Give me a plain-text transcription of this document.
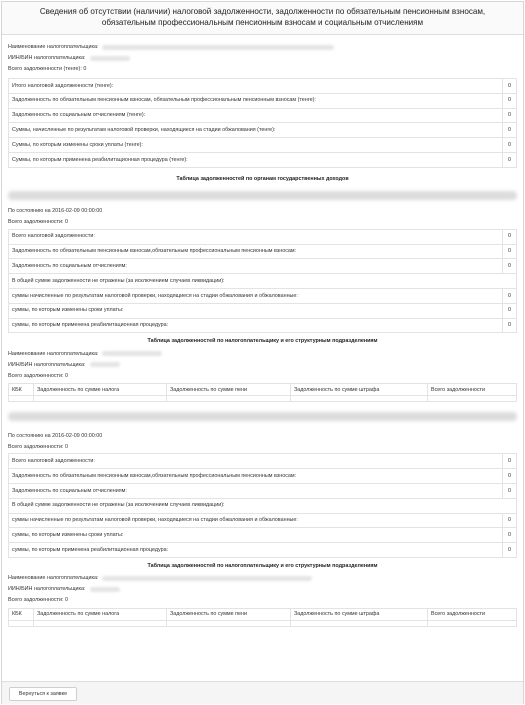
Сведения об отсутствии (наличии) налоговой задолженности, задолженности по обязательным пенсионным взносам, обязательным профессиональным пенсионным взносам и социальным отчислениям
Наименование налогоплательщика:
ИИН/БИН налогоплательщика:
Всего задолженности (тенге): 0
Итого налоговой задолженности (тенге):	0
Задолженность по обязательным пенсионным взносам, обязательным профессиональным пенсионным взносам (тенге):	0
Задолженность по социальным отчислениям (тенге):	0
Суммы, начисленные по результатам налоговой проверки, находящиеся на стадии обжалования (тенге):	0
Суммы, по которым изменены сроки уплаты (тенге):	0
Суммы, по которым применена реабилитационная процедура (тенге):	0
Таблица задолженностей по органам государственных доходов
По состоянию на 2016-02-09 00:00:00
Всего задолженности: 0
Всего налоговой задолженности:	0
Задолженность по обязательным пенсионным взносам,обязательным профессиональным пенсионным взносам:	0
Задолженность по социальным отчислениям:	0
В общей сумме задолженности не отражены (за исключением случаев ликвидации):	
суммы начисленные по результатам налоговой проверки, находящиеся на стадии обжалования и обжалованные:	0
суммы, по которым изменены сроки уплаты:	0
суммы, по которым применена реабилитационная процедура:	0
Таблица задолженностей по налогоплательщику и его структурным подразделениям
Наименование налогоплательщика:
ИИН/БИН налогоплательщика:
Всего задолженности: 0
КБК	Задолженность по сумме налога	Задолженность по сумме пени	Задолженность по сумме штрафа	Всего задолженности

По состоянию на 2016-02-09 00:00:00
Всего задолженности: 0
Всего налоговой задолженности:	0
Задолженность по обязательным пенсионным взносам,обязательным профессиональным пенсионным взносам:	0
Задолженность по социальным отчислениям:	0
В общей сумме задолженности не отражены (за исключением случаев ликвидации):	
суммы начисленные по результатам налоговой проверки, находящиеся на стадии обжалования и обжалованные:	0
суммы, по которым изменены сроки уплаты:	0
суммы, по которым применена реабилитационная процедура:	0
Таблица задолженностей по налогоплательщику и его структурным подразделениям
Наименование налогоплательщика:
ИИН/БИН налогоплательщика:
Всего задолженности: 0
КБК	Задолженность по сумме налога	Задолженность по сумме пени	Задолженность по сумме штрафа	Всего задолженности

Вернуться к заявке
